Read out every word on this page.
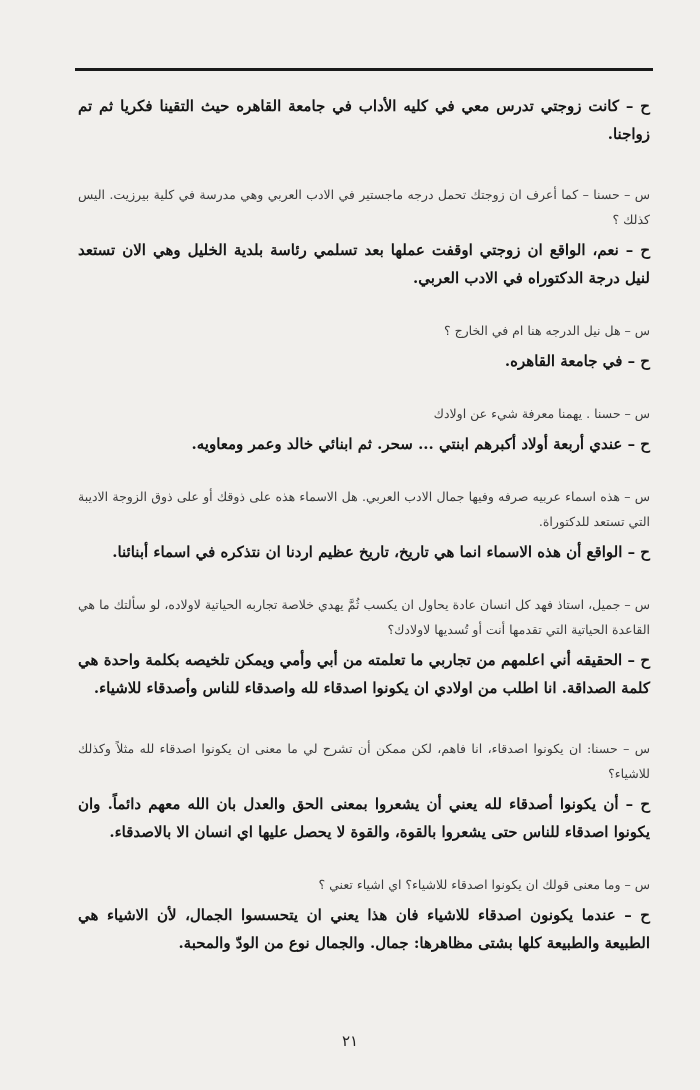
ح – كانت زوجتي تدرس معي في كليه الأداب في جامعة القاهره حيث التقينا فكريا ثم تم زواجنا.

س – حسنا – كما أعرف ان زوجتك تحمل درجه ماجستير في الادب العربي وهي مدرسة في كلية بيرزيت. اليس كذلك ؟

ح – نعم، الواقع ان زوجتي اوقفت عملها بعد تسلمي رئاسة بلدية الخليل وهي الان تستعد لنيل درجة الدكتوراه في الادب العربي.

س – هل نيل الدرجه هنا ام في الخارج ؟

ح – في جامعة القاهره.

س – حسنا . يهمنا معرفة شيء عن اولادك

ح – عندي أربعة أولاد أكبرهم ابنتي ... سحر. ثم ابنائي خالد وعمر ومعاويه.

س – هذه اسماء عربيه صرفه وفيها جمال الادب العربي. هل الاسماء هذه على ذوقك أو على ذوق الزوجة الاديبة التي تستعد للدكتوراة.

ح – الواقع أن هذه الاسماء انما هي تاريخ، تاريخ عظيم اردنا ان نتذكره في اسماء أبنائنا.

س – جميل، استاذ فهد كل انسان عادة يحاول ان يكسب ثُمَّ يهدي خلاصة تجاربه الحياتية لاولاده، لو سألتك ما هي القاعدة الحياتية التي تقدمها أنت أو تُسديها لاولادك؟

ح – الحقيقه أني اعلمهم من تجاربي ما تعلمته من أبي وأمي ويمكن تلخيصه بكلمة واحدة هي كلمة الصداقة. انا اطلب من اولادي ان يكونوا اصدقاء لله واصدقاء للناس وأصدقاء للاشياء.

س – حسنا: ان يكونوا اصدقاء، انا فاهم، لكن ممكن أن تشرح لي ما معنى ان يكونوا اصدقاء لله مثلاً وكذلك للاشياء؟

ح – أن يكونوا أصدقاء لله يعني أن يشعروا بمعنى الحق والعدل بان الله معهم دائماً. وان يكونوا اصدقاء للناس حتى يشعروا بالقوة، والقوة لا يحصل عليها اي انسان الا بالاصدقاء.

س – وما معنى قولك ان يكونوا اصدقاء للاشياء؟ اي اشياء تعني ؟

ح – عندما يكونون اصدقاء للاشياء فان هذا يعني ان يتحسسوا الجمال، لأن الاشياء هي الطبيعة والطبيعة كلها بشتى مظاهرها: جمال. والجمال نوع من الودّ والمحبة.

٢١
